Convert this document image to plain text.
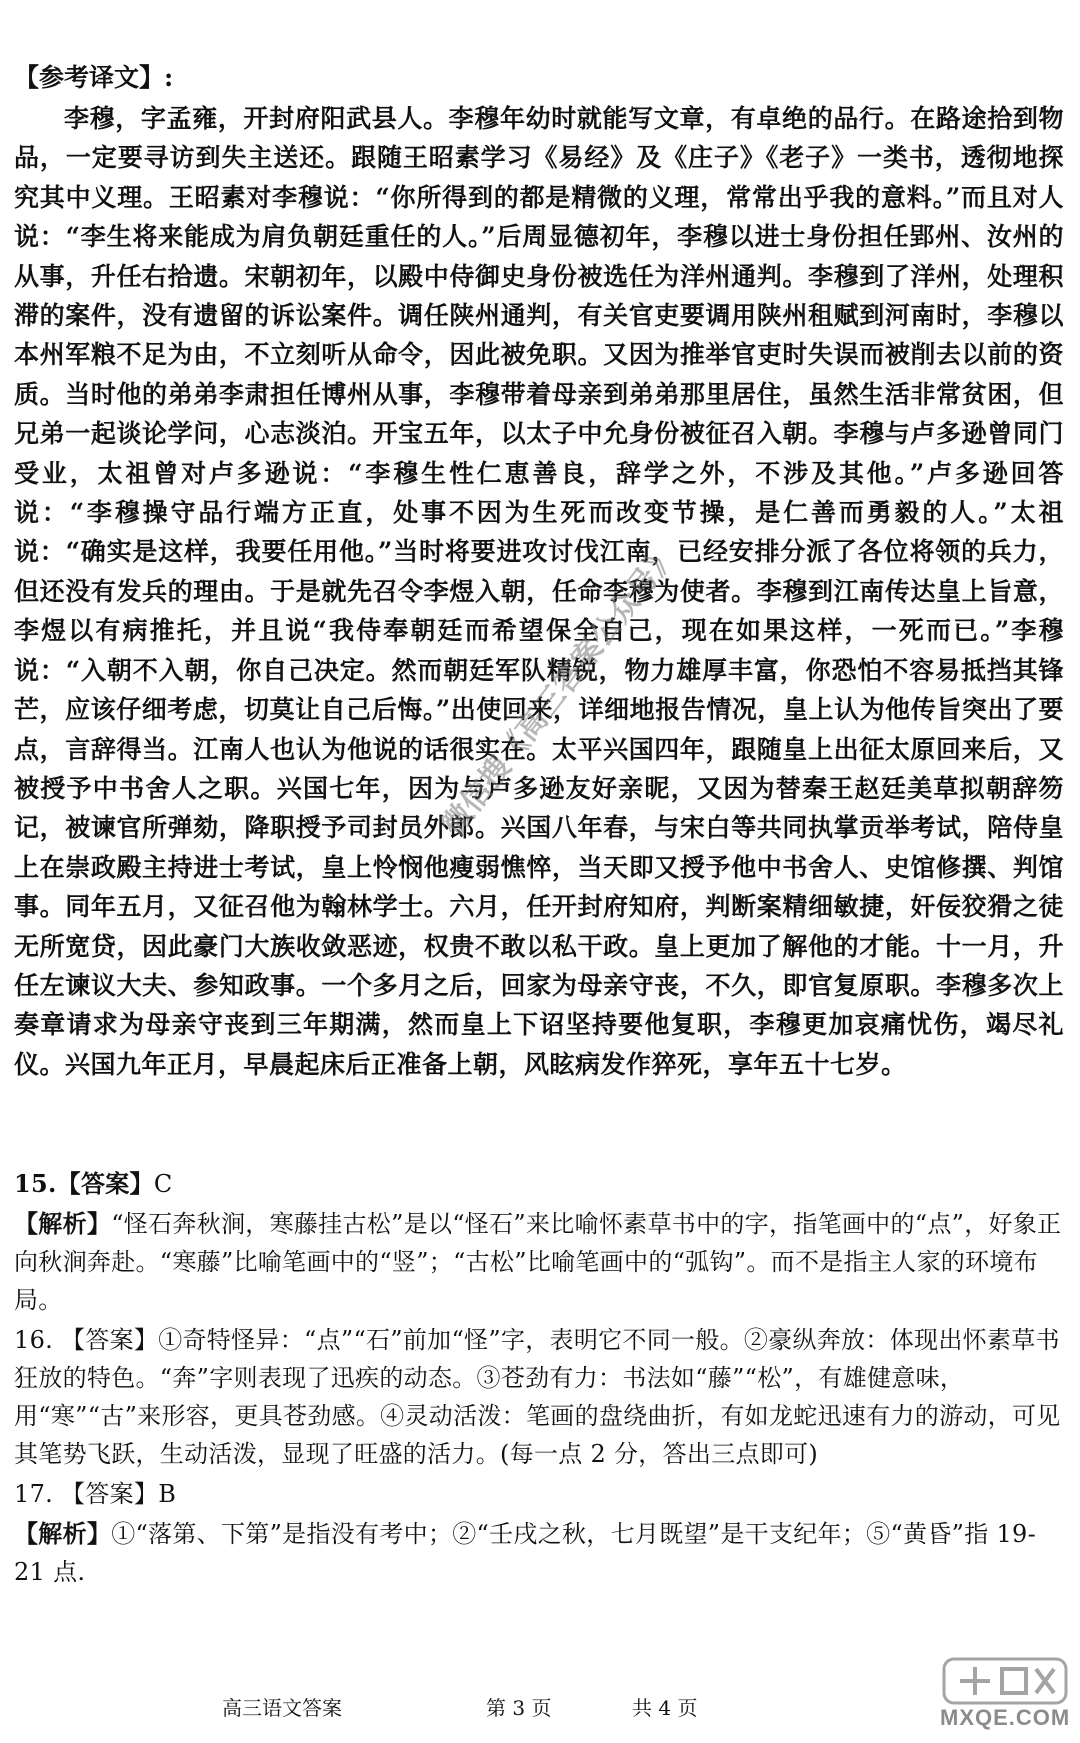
【参考译文】:
李穆，字孟雍，开封府阳武县人。李穆年幼时就能写文章，有卓绝的品行。在路途拾到物品，一定要寻访到失主送还。跟随王昭素学习《易经》及《庄子》《老子》一类书，透彻地探究其中义理。王昭素对李穆说：“你所得到的都是精微的义理，常常出乎我的意料。”而且对人说：“李生将来能成为肩负朝廷重任的人。”后周显德初年，李穆以进士身份担任郢州、汝州的从事，升任右拾遗。宋朝初年，以殿中侍御史身份被选任为洋州通判。李穆到了洋州，处理积滞的案件，没有遗留的诉讼案件。调任陕州通判，有关官吏要调用陕州租赋到河南时，李穆以本州军粮不足为由，不立刻听从命令，因此被免职。又因为推举官吏时失误而被削去以前的资质。当时他的弟弟李肃担任博州从事，李穆带着母亲到弟弟那里居住，虽然生活非常贫困，但兄弟一起谈论学问，心志淡泊。开宝五年，以太子中允身份被征召入朝。李穆与卢多逊曾同门受业，太祖曾对卢多逊说：“李穆生性仁恵善良，辞学之外，不涉及其他。”卢多逊回答说：“李穆操守品行端方正直，处事不因为生死而改变节操，是仁善而勇毅的人。”太祖说：“确实是这样，我要任用他。”当时将要进攻讨伐江南，已经安排分派了各位将领的兵力，但还没有发兵的理由。于是就先召令李煜入朝，任命李穆为使者。李穆到江南传达皇上旨意，李煜以有病推托，并且说“我侍奉朝廷而希望保全自己，现在如果这样，一死而已。”李穆说：“入朝不入朝，你自己决定。然而朝廷军队精锐，物力雄厚丰富，你恐怕不容易抵挡其锋芒，应该仔细考虑，切莫让自己后悔。”出使回来，详细地报告情况，皇上认为他传旨突出了要点，言辞得当。江南人也认为他说的话很实在。太平兴国四年，跟随皇上出征太原回来后，又被授予中书舍人之职。兴国七年，因为与卢多逊友好亲昵，又因为替秦王赵廷美草拟朝辞笏记，被谏官所弹劾，降职授予司封员外郎。兴国八年春，与宋白等共同执掌贡举考试，陪侍皇上在崇政殿主持进士考试，皇上怜悯他瘦弱憔悴，当天即又授予他中书舍人、史馆修撰、判馆事。同年五月，又征召他为翰林学士。六月，任开封府知府，判断案精细敏捷，奸佞狡猾之徒无所宽贷，因此豪门大族收敛恶迹，权贵不敢以私干政。皇上更加了解他的才能。十一月，升任左谏议大夫、参知政事。一个多月之后，回家为母亲守丧，不久，即官复原职。李穆多次上奏章请求为母亲守丧到三年期满，然而皇上下诏坚持要他复职，李穆更加哀痛忧伤，竭尽礼仪。兴国九年正月，早晨起床后正准备上朝，风眩病发作猝死，享年五十七岁。
15.【答案】C
【解析】“怪石奔秋涧，寒藤挂古松”是以“怪石”来比喻怀素草书中的字，指笔画中的“点”，好象正向秋涧奔赴。“寒藤”比喻笔画中的“竖”；“古松”比喻笔画中的“弧钩”。而不是指主人家的环境布局。
16. 【答案】①奇特怪异：“点”“石”前加“怪”字，表明它不同一般。②豪纵奔放：体现出怀素草书狂放的特色。“奔”字则表现了迅疾的动态。③苍劲有力：书法如“藤”“松”，有雄健意味，用“寒”“古”来形容，更具苍劲感。④灵动活泼：笔画的盘绕曲折，有如龙蛇迅速有力的游动，可见其笔势飞跃，生动活泼，显现了旺盛的活力。(每一点 2 分，答出三点即可)
17. 【答案】B
【解析】①“落第、下第”是指没有考中；②“壬戌之秋，七月既望”是干支纪年；⑤“黄昏”指 19-21 点.
微信搜《高三答案公众号》
高三语文答案	第 3 页	共 4 页	MXQE.COM
